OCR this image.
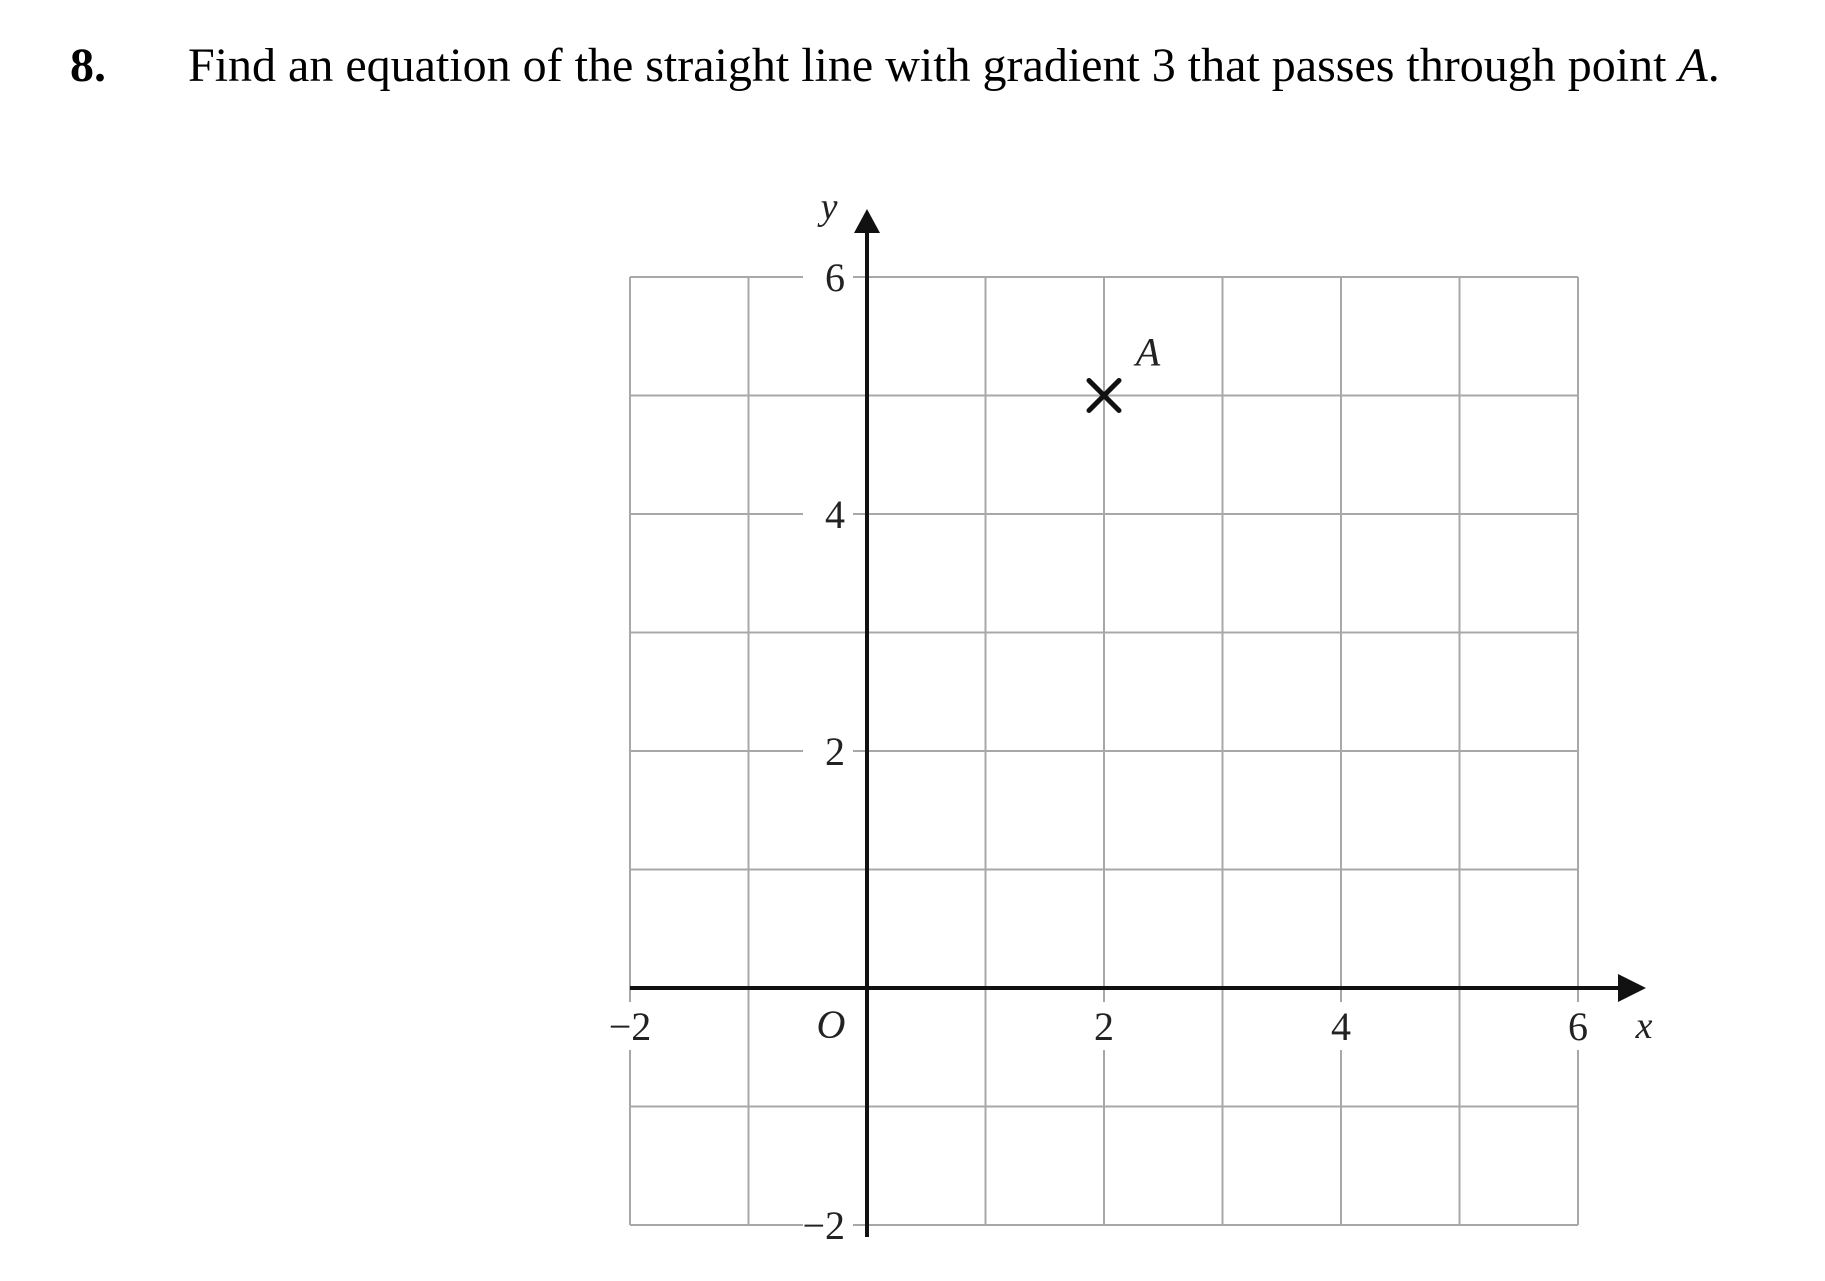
8. Find an equation of the straight line with gradient 3 that passes through point A.
−2	2	4	6
6
4
2
−2
O	x
y
A
